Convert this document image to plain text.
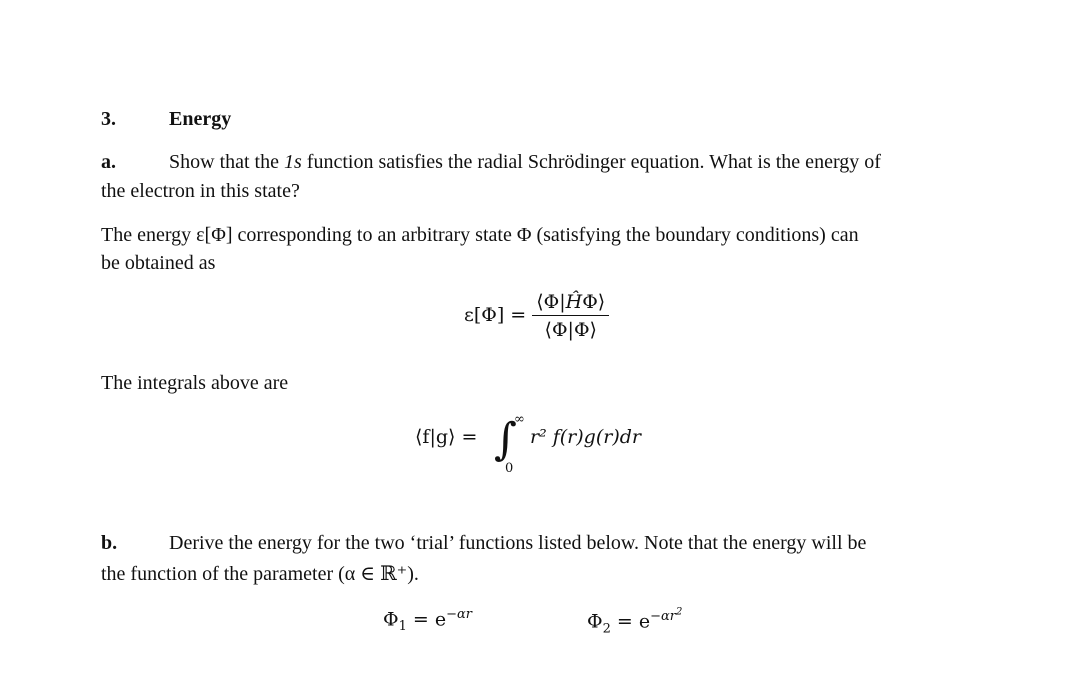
3.	Energy
a.	Show that the 1s function satisfies the radial Schrödinger equation. What is the energy of
the electron in this state?
The energy ε[Φ] corresponding to an arbitrary state Φ (satisfying the boundary conditions) can
be obtained as
$\varepsilon[\Phi] = \frac{⟨\Phi|Ĥ\Phi⟩}{⟨\Phi|\Phi⟩}$
The integrals above are
⟨f|g⟩ = ∫
∞
0
r² f(r)g(r)dr
b.	Derive the energy for the two ‘trial’ functions listed below. Note that the energy will be
the function of the parameter (α ∈ ℝ⁺).
$\Phi_1 = e^{-\alpha r}$	$\Phi_2 = e^{-\alpha r^2}$
